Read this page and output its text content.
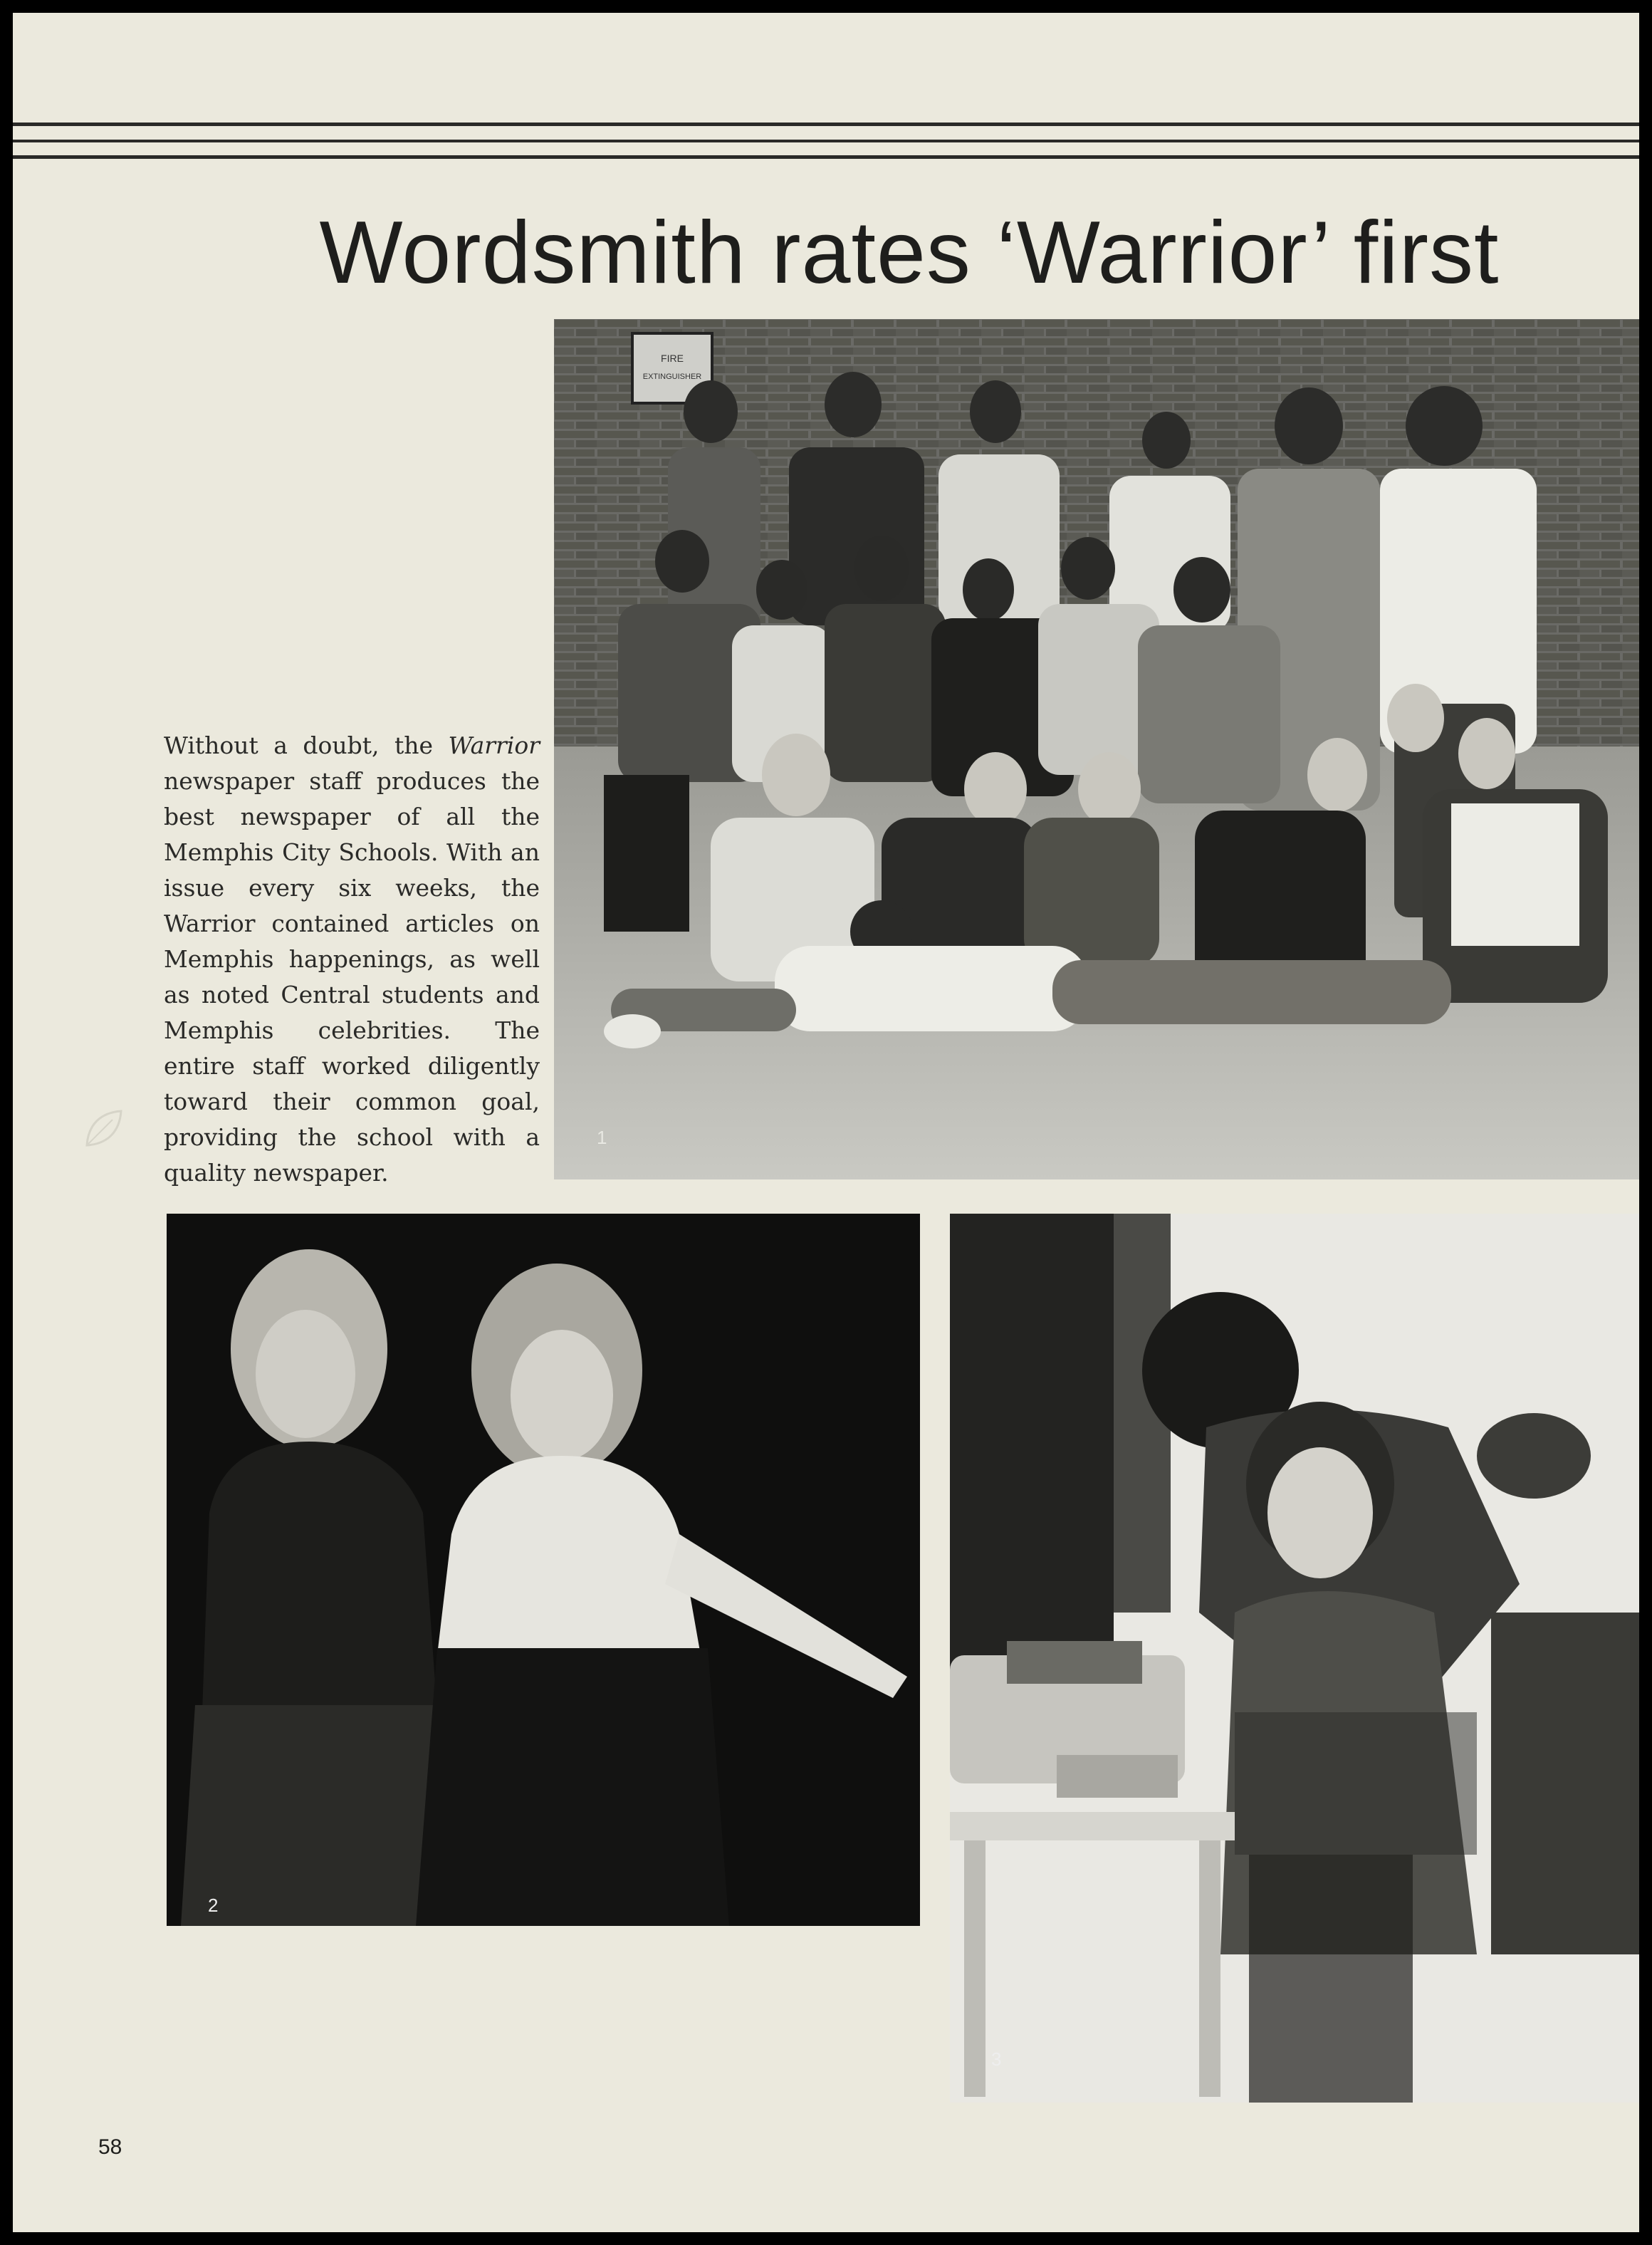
Wordsmith rates ‘Warrior’ first
FIRE
EXTINGUISHER
1
Without a doubt, the Warrior newspaper staff produces the best newspaper of all the Memphis City Schools. With an issue every six weeks, the Warrior contained articles on Memphis happenings, as well as noted Central students and Memphis celebrities. The entire staff worked diligently toward their common goal, providing the school with a quality newspaper.
2
3
58
